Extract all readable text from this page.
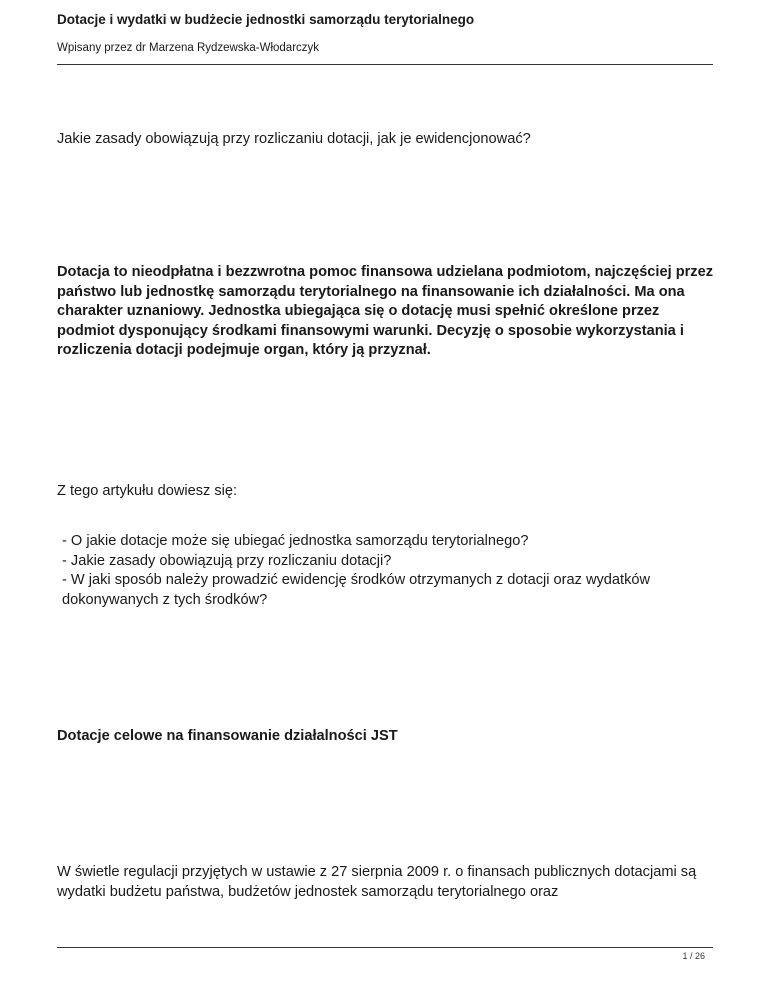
Dotacje i wydatki w budżecie jednostki samorządu terytorialnego

Wpisany przez dr Marzena Rydzewska-Włodarczyk

Jakie zasady obowiązują przy rozliczaniu dotacji, jak je ewidencjonować?

Dotacja to nieodpłatna i bezzwrotna pomoc finansowa udzielana podmiotom, najczęściej przez państwo lub jednostkę samorządu terytorialnego na finansowanie ich działalności. Ma ona charakter uznaniowy. Jednostka ubiegająca się o dotację musi spełnić określone przez podmiot dysponujący środkami finansowymi warunki. Decyzję o sposobie wykorzystania i rozliczenia dotacji podejmuje organ, który ją przyznał.

Z tego artykułu dowiesz się:

- O jakie dotacje może się ubiegać jednostka samorządu terytorialnego?
- Jakie zasady obowiązują przy rozliczaniu dotacji?
- W jaki sposób należy prowadzić ewidencję środków otrzymanych z dotacji oraz wydatków dokonywanych z tych środków?

Dotacje celowe na finansowanie działalności JST

W świetle regulacji przyjętych w ustawie z 27 sierpnia 2009 r. o finansach publicznych dotacjami są wydatki budżetu państwa, budżetów jednostek samorządu terytorialnego oraz

1 / 26
